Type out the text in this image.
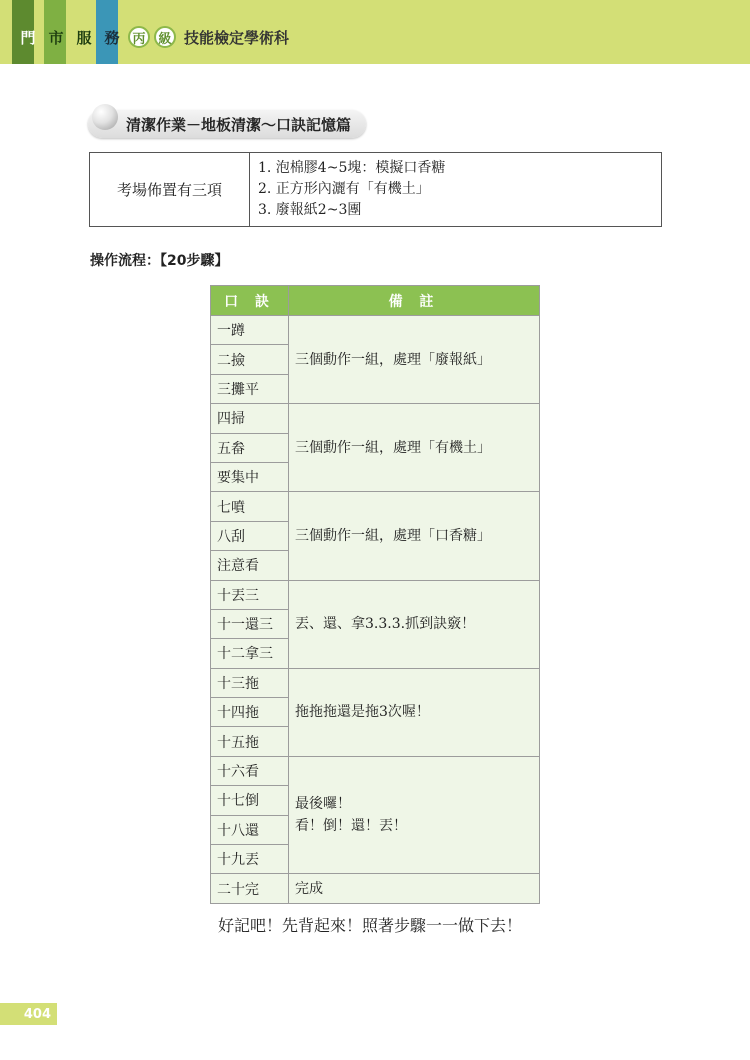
門 市 服 務 丙 級 技能檢定學術科
清潔作業－地板清潔～口訣記憶篇
考場佈置有三項
1. 泡棉膠4~5塊：模擬口香糖
2. 正方形內灑有「有機土」
3. 廢報紙2~3團
操作流程：【20步驟】
口 訣	備 註
一蹲	三個動作一組，處理「廢報紙」

二撿	
三攤平	
四掃	三個動作一組，處理「有機土」

五畚	
要集中	
七噴	三個動作一組，處理「口香糖」

八刮	
注意看	
十丟三	丟、還、拿3.3.3.抓到訣竅！

十一還三	
十二拿三	
十三拖	拖拖拖還是拖3次喔！

十四拖	
十五拖	
十六看	最後囉！
看！倒！還！丟！

十七倒	
十八還	
十九丟	
二十完	完成
好記吧！先背起來！照著步驟一一做下去！
404
